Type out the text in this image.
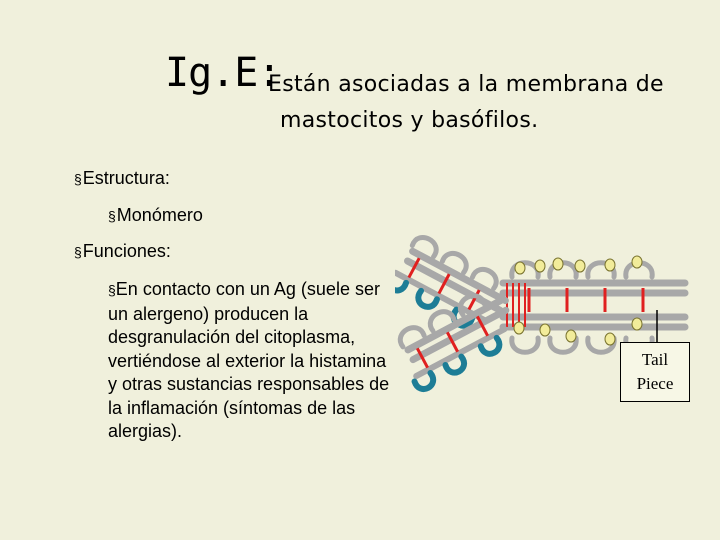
Ig.E:
Están asociadas a la membrana de
mastocitos y basófilos.
§Estructura:
§Monómero
§Funciones:
§En contacto con un Ag (suele ser un alergeno) producen la desgranulación del citoplasma, vertiéndose al exterior la histamina y otras sustancias responsables de la inflamación (síntomas de las alergias).
Tail
Piece
